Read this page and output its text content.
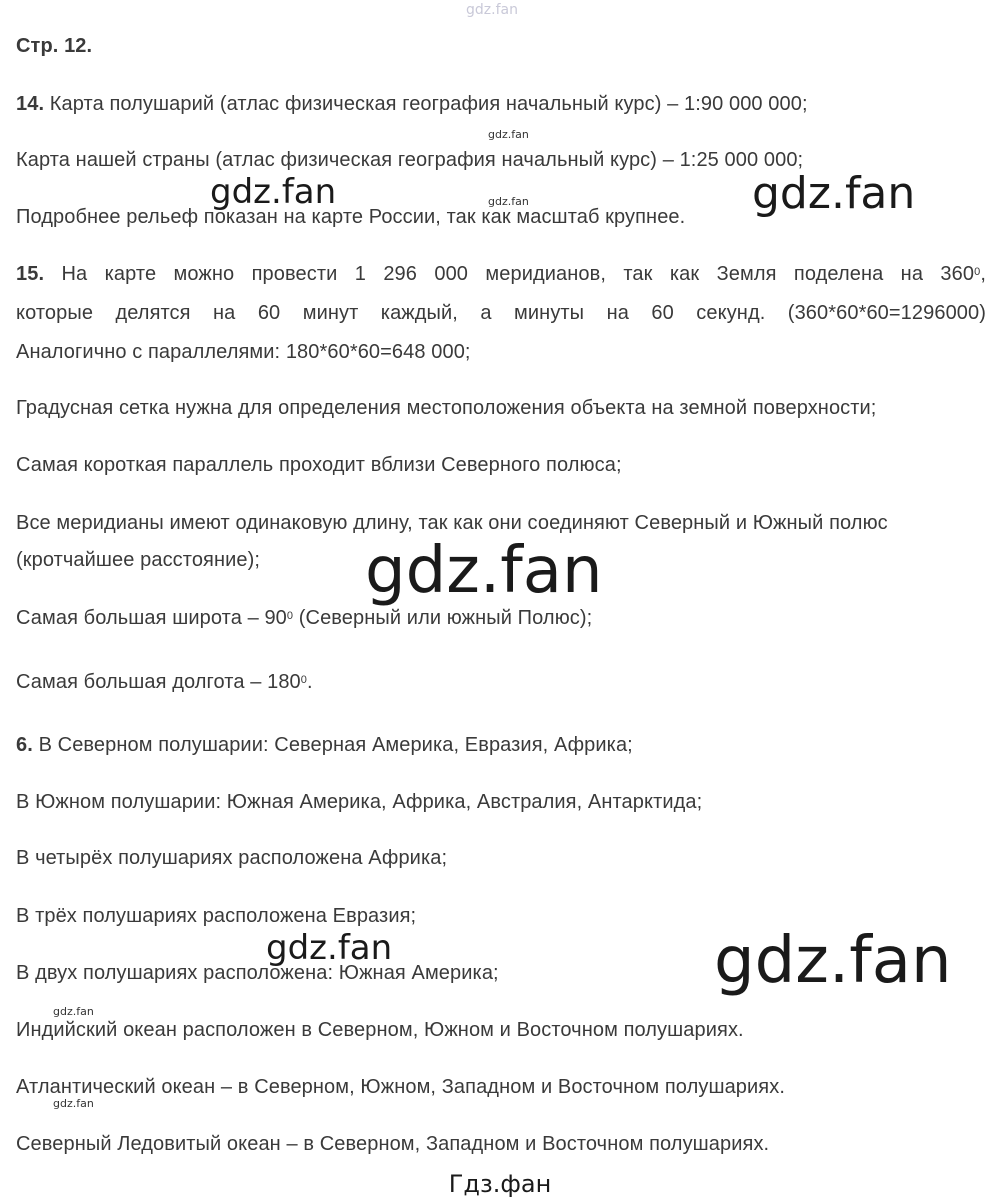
gdz.fan
gdz.fan
gdz.fan	gdz.fan	gdz.fan
gdz.fan
gdz.fan	gdz.fan
gdz.fan
gdz.fan
Стр. 12.
14. Карта полушарий (атлас физическая география начальный курс) – 1:90 000 000;
Карта нашей страны (атлас физическая география начальный курс) – 1:25 000 000;
Подробнее рельеф показан на карте России, так как масштаб крупнее.
15. На карте можно провести 1 296 000 меридианов, так как Земля поделена на $360^0$,
которые делятся на 60 минут каждый, а минуты на 60 секунд. (360*60*60=1296000)
Аналогично с параллелями: 180*60*60=648 000;
Градусная сетка нужна для определения местоположения объекта на земной поверхности;
Самая короткая параллель проходит вблизи Северного полюса;
Все меридианы имеют одинаковую длину, так как они соединяют Северный и Южный полюс
(кротчайшее расстояние);
Самая большая широта – $90^0$ (Северный или южный Полюс);
Самая большая долгота – $180^0$.
6. В Северном полушарии: Северная Америка, Евразия, Африка;
В Южном полушарии: Южная Америка, Африка, Австралия, Антарктида;
В четырёх полушариях расположена Африка;
В трёх полушариях расположена Евразия;
В двух полушариях расположена: Южная Америка;
Индийский океан расположен в Северном, Южном и Восточном полушариях.
Атлантический океан – в Северном, Южном, Западном и Восточном полушариях.
Северный Ледовитый океан – в Северном, Западном и Восточном полушариях.
Гдз.фан
